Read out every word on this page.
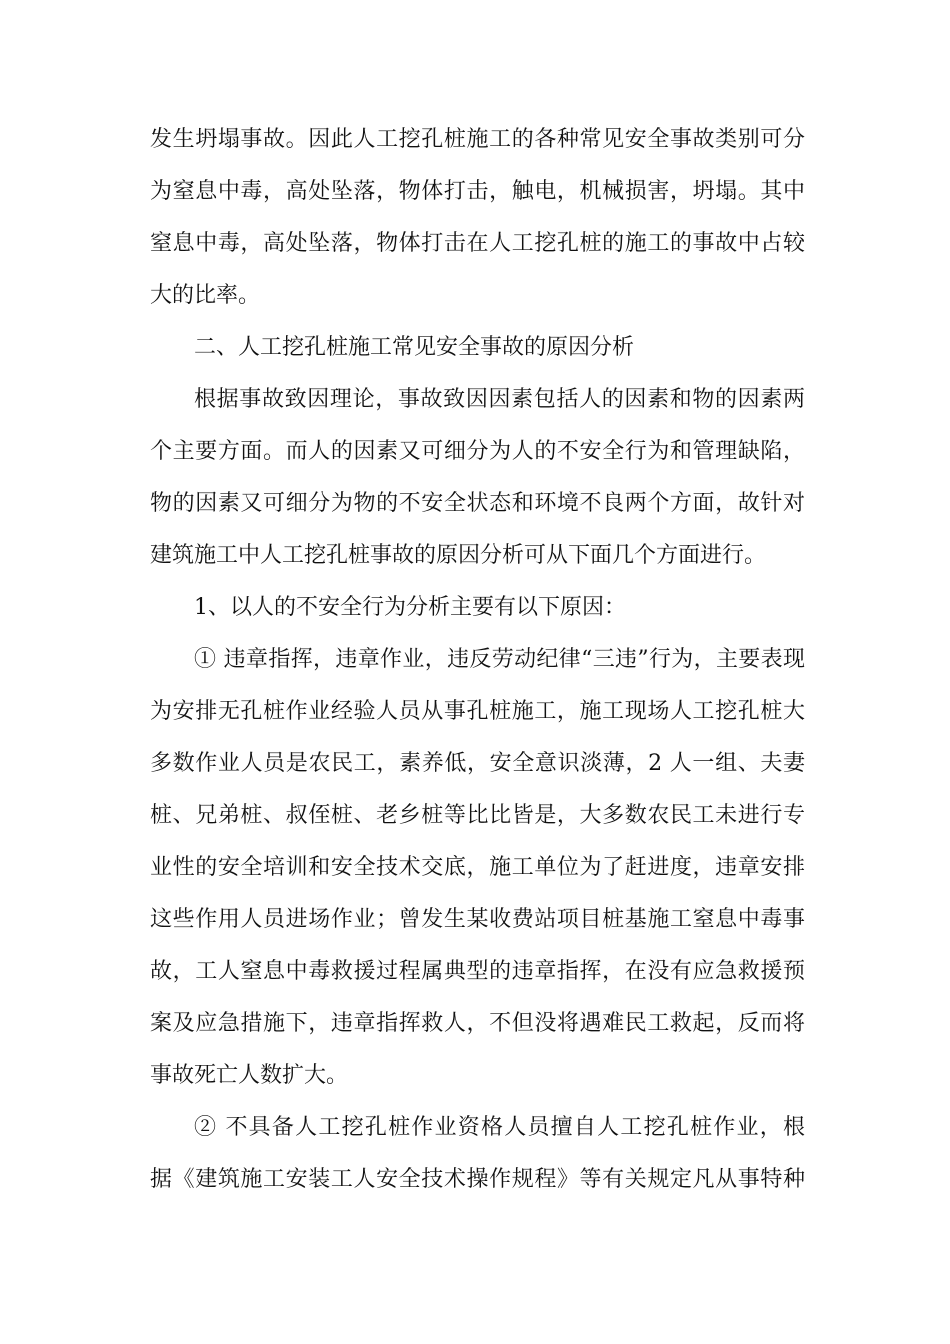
发生坍塌事故。因此人工挖孔桩施工的各种常见安全事故类别可分
为窒息中毒，高处坠落，物体打击，触电，机械损害，坍塌。其中
窒息中毒，高处坠落，物体打击在人工挖孔桩的施工的事故中占较
大的比率。
二、人工挖孔桩施工常见安全事故的原因分析
根据事故致因理论，事故致因因素包括人的因素和物的因素两
个主要方面。而人的因素又可细分为人的不安全行为和管理缺陷，
物的因素又可细分为物的不安全状态和环境不良两个方面，故针对
建筑施工中人工挖孔桩事故的原因分析可从下面几个方面进行。
1、以人的不安全行为分析主要有以下原因：
① 违章指挥，违章作业，违反劳动纪律“三违”行为，主要表现
为安排无孔桩作业经验人员从事孔桩施工，施工现场人工挖孔桩大
多数作业人员是农民工，素养低，安全意识淡薄，2 人一组、夫妻
桩、兄弟桩、叔侄桩、老乡桩等比比皆是，大多数农民工未进行专
业性的安全培训和安全技术交底，施工单位为了赶进度，违章安排
这些作用人员进场作业；曾发生某收费站项目桩基施工窒息中毒事
故，工人窒息中毒救援过程属典型的违章指挥，在没有应急救援预
案及应急措施下，违章指挥救人，不但没将遇难民工救起，反而将
事故死亡人数扩大。
② 不具备人工挖孔桩作业资格人员擅自人工挖孔桩作业，根
据《建筑施工安装工人安全技术操作规程》等有关规定凡从事特种
